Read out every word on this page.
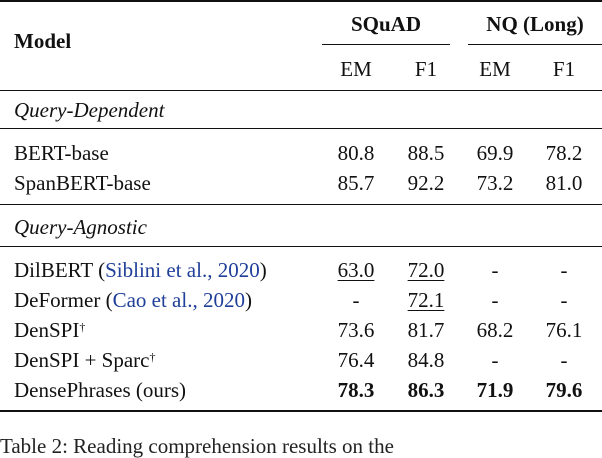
Model
SQuAD	NQ (Long)
EM	F1	EM	F1
Query-Dependent
BERT-base	80.8	88.5	69.9	78.2
SpanBERT-base	85.7	92.2	73.2	81.0
Query-Agnostic
DilBERT (Siblini et al., 2020)	63.0	72.0	-	-
DeFormer (Cao et al., 2020)	-	72.1	-	-
DenSPI†	73.6	81.7	68.2	76.1
DenSPI + Sparc†	76.4	84.8	-	-
DensePhrases (ours)	78.3	86.3	71.9	79.6
Table 2: Reading comprehension results on the
